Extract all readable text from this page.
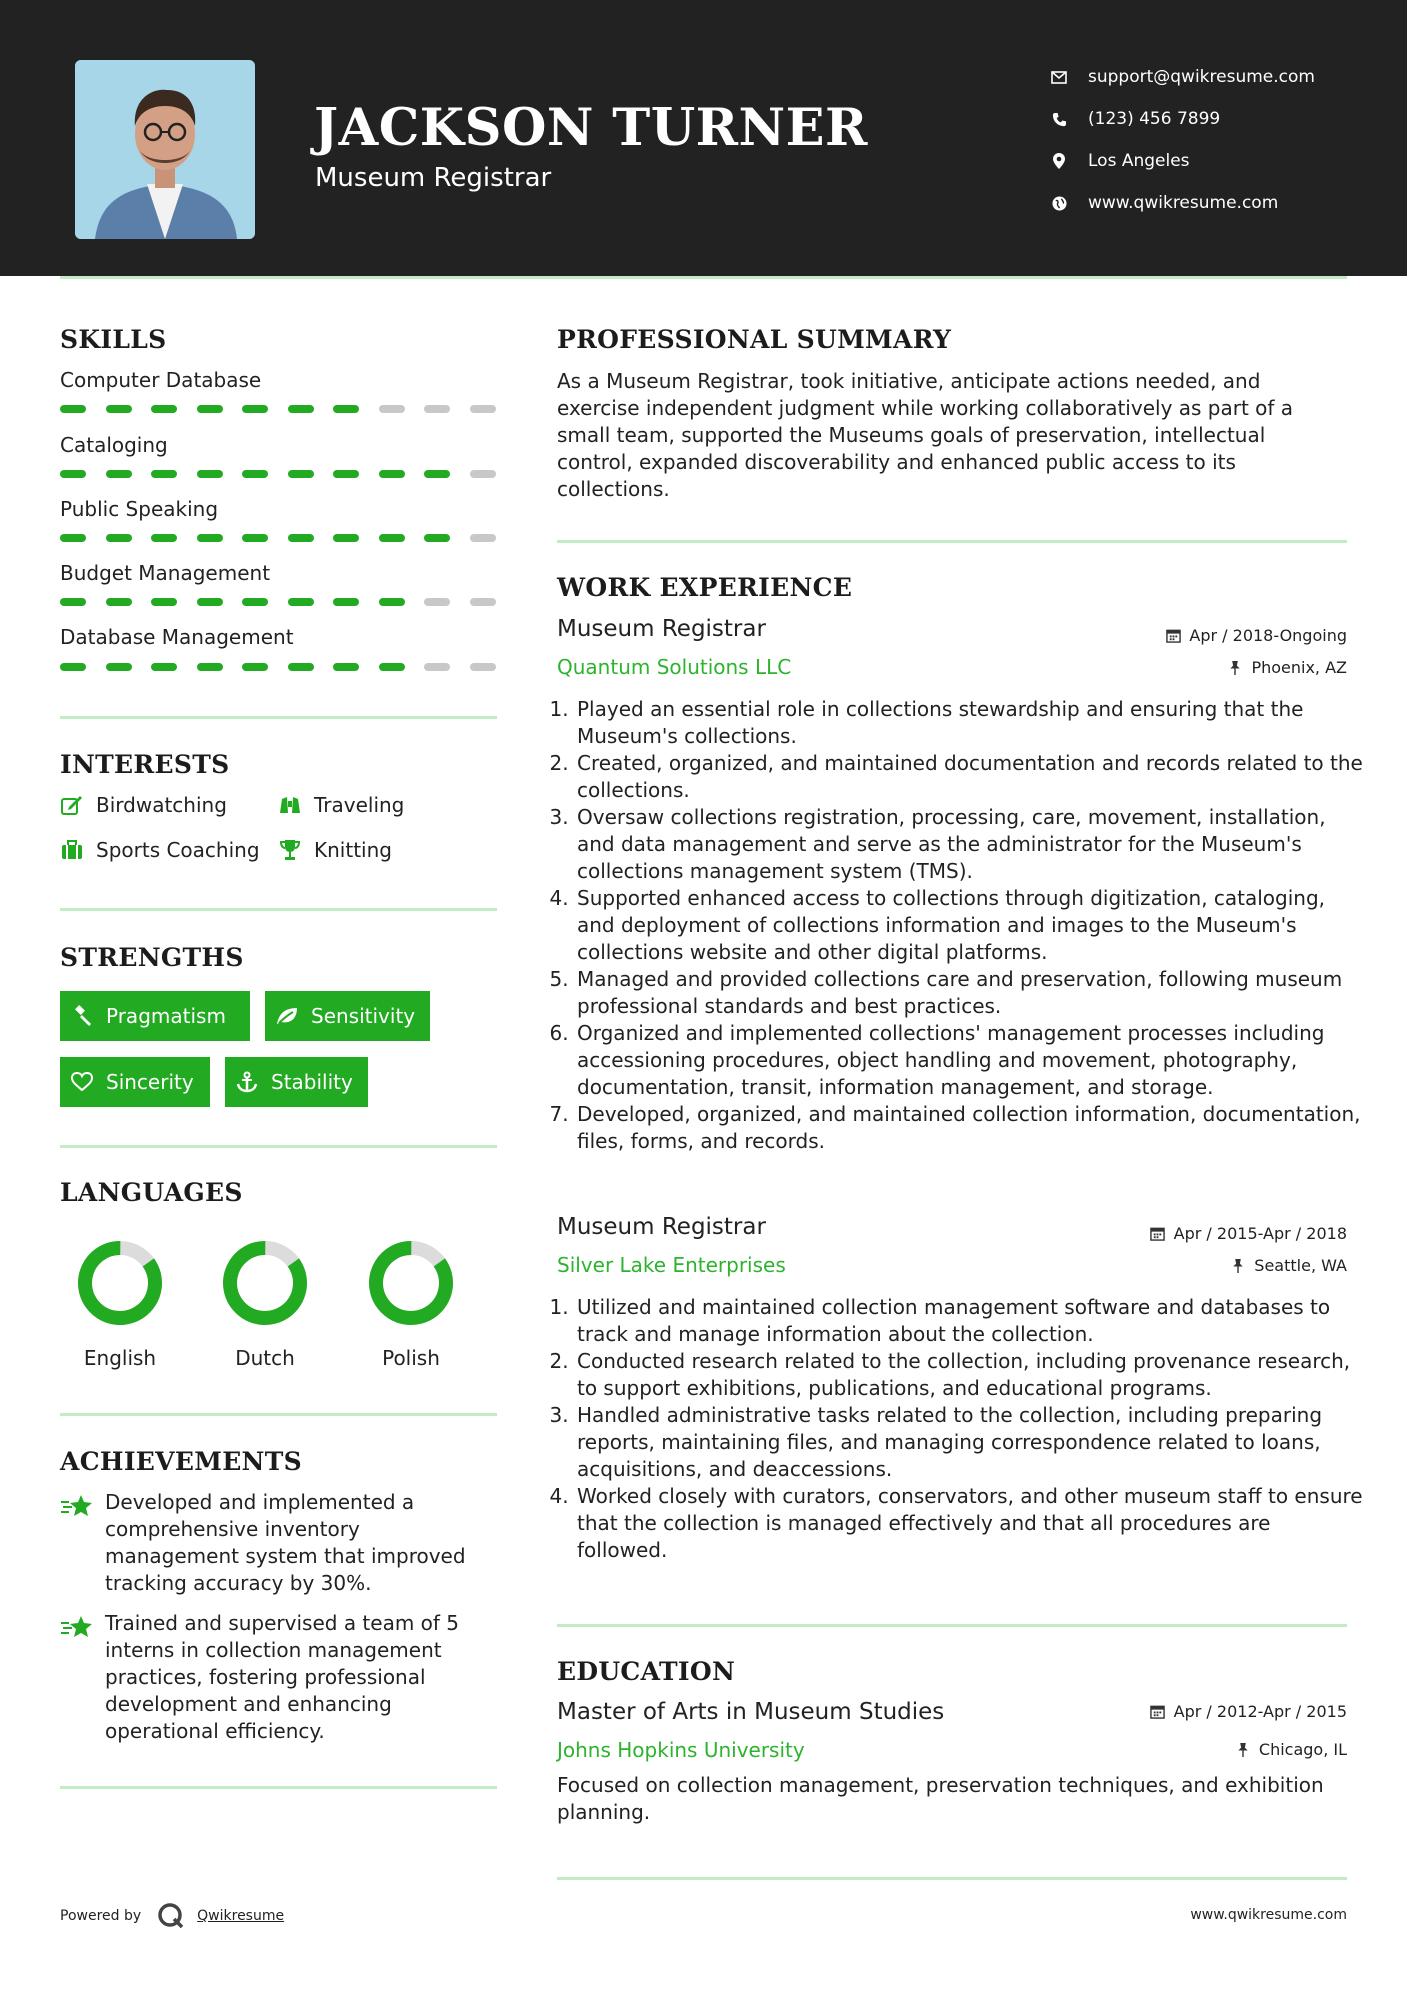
JACKSON TURNER
Museum Registrar
support@qwikresume.com
(123) 456 7899
Los Angeles
www.qwikresume.com
SKILLS
Computer Database
Cataloging
Public Speaking
Budget Management
Database Management
INTERESTS
Birdwatching	Traveling
Sports Coaching	Knitting
STRENGTHS
Pragmatism	Sensitivity
Sincerity	Stability
LANGUAGES
English	Dutch	Polish
ACHIEVEMENTS
Developed and implemented a comprehensive inventory management system that improved tracking accuracy by 30%.
Trained and supervised a team of 5 interns in collection management practices, fostering professional development and enhancing operational efficiency.
PROFESSIONAL SUMMARY
As a Museum Registrar, took initiative, anticipate actions needed, and exercise independent judgment while working collaboratively as part of a small team, supported the Museums goals of preservation, intellectual control, expanded discoverability and enhanced public access to its collections.
WORK EXPERIENCE
Museum Registrar	Apr / 2018-Ongoing
Quantum Solutions LLC	Phoenix, AZ
1. Played an essential role in collections stewardship and ensuring that the Museum's collections.
2. Created, organized, and maintained documentation and records related to the collections.
3. Oversaw collections registration, processing, care, movement, installation, and data management and serve as the administrator for the Museum's collections management system (TMS).
4. Supported enhanced access to collections through digitization, cataloging, and deployment of collections information and images to the Museum's collections website and other digital platforms.
5. Managed and provided collections care and preservation, following museum professional standards and best practices.
6. Organized and implemented collections' management processes including accessioning procedures, object handling and movement, photography, documentation, transit, information management, and storage.
7. Developed, organized, and maintained collection information, documentation, files, forms, and records.
Museum Registrar	Apr / 2015-Apr / 2018
Silver Lake Enterprises	Seattle, WA
1. Utilized and maintained collection management software and databases to track and manage information about the collection.
2. Conducted research related to the collection, including provenance research, to support exhibitions, publications, and educational programs.
3. Handled administrative tasks related to the collection, including preparing reports, maintaining files, and managing correspondence related to loans, acquisitions, and deaccessions.
4. Worked closely with curators, conservators, and other museum staff to ensure that the collection is managed effectively and that all procedures are followed.
EDUCATION
Master of Arts in Museum Studies	Apr / 2012-Apr / 2015
Johns Hopkins University	Chicago, IL
Focused on collection management, preservation techniques, and exhibition planning.
Powered by	Qwikresume	www.qwikresume.com
